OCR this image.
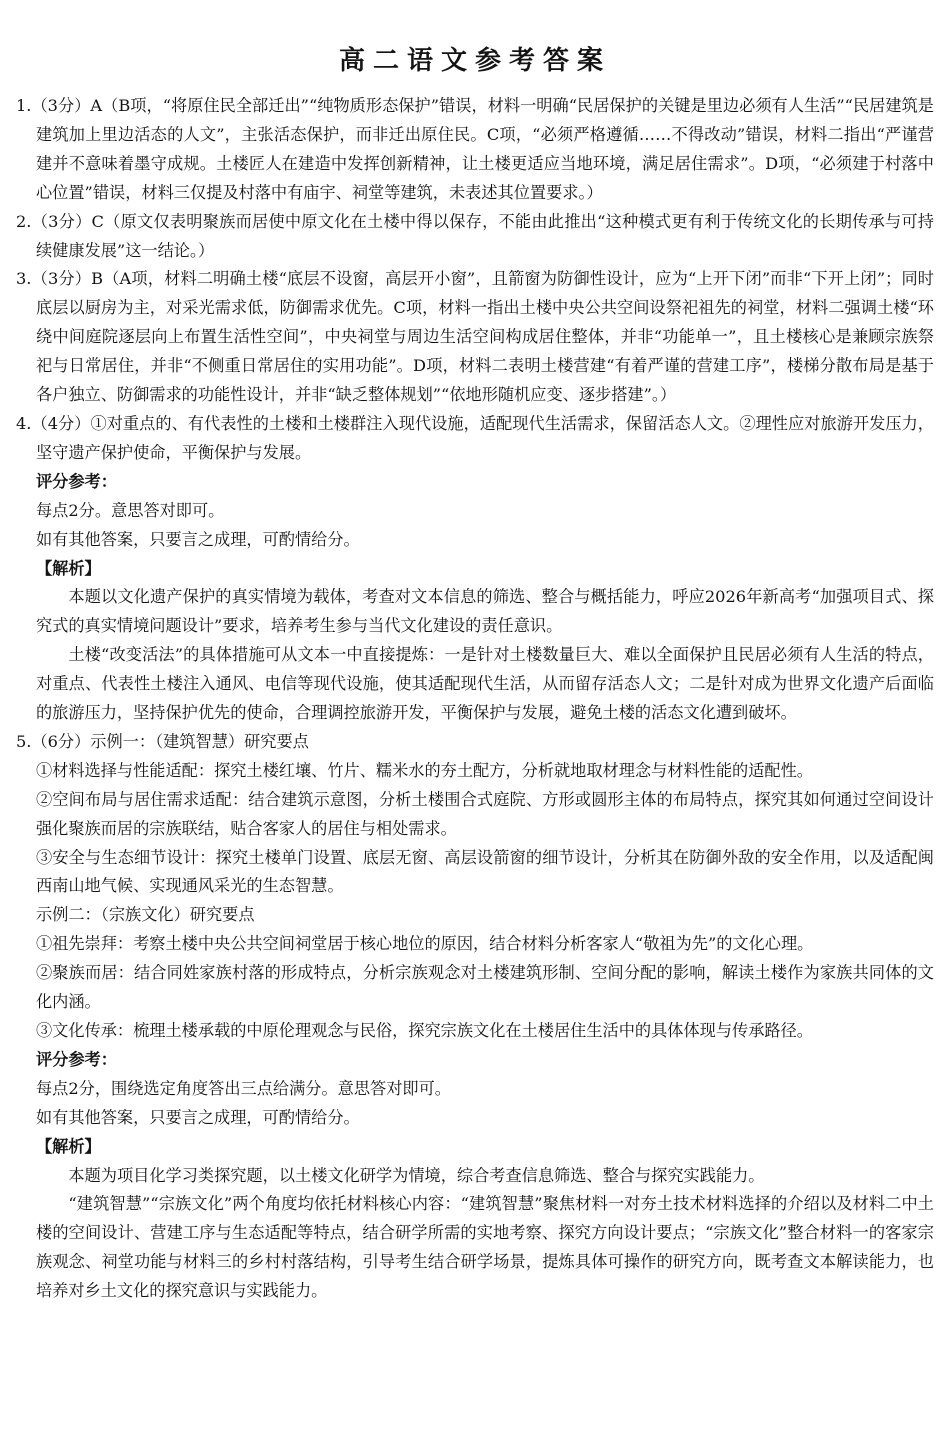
高二语文参考答案

1.（3分）A（B项，“将原住民全部迁出”“纯物质形态保护”错误，材料一明确“民居保护的关键是里边必须有人生活”“民居建筑是建筑加上里边活态的人文”，主张活态保护，而非迁出原住民。C项，“必须严格遵循……不得改动”错误，材料二指出“严谨营建并不意味着墨守成规。土楼匠人在建造中发挥创新精神，让土楼更适应当地环境，满足居住需求”。D项，“必须建于村落中心位置”错误，材料三仅提及村落中有庙宇、祠堂等建筑，未表述其位置要求。）

2.（3分）C（原文仅表明聚族而居使中原文化在土楼中得以保存，不能由此推出“这种模式更有利于传统文化的长期传承与可持续健康发展”这一结论。）

3.（3分）B（A项，材料二明确土楼“底层不设窗，高层开小窗”，且箭窗为防御性设计，应为“上开下闭”而非“下开上闭”；同时底层以厨房为主，对采光需求低，防御需求优先。C项，材料一指出土楼中央公共空间设祭祀祖先的祠堂，材料二强调土楼“环绕中间庭院逐层向上布置生活性空间”，中央祠堂与周边生活空间构成居住整体，并非“功能单一”，且土楼核心是兼顾宗族祭祀与日常居住，并非“不侧重日常居住的实用功能”。D项，材料二表明土楼营建“有着严谨的营建工序”，楼梯分散布局是基于各户独立、防御需求的功能性设计，并非“缺乏整体规划”“依地形随机应变、逐步搭建”。）

4.（4分）①对重点的、有代表性的土楼和土楼群注入现代设施，适配现代生活需求，保留活态人文。②理性应对旅游开发压力，坚守遗产保护使命，平衡保护与发展。

评分参考：

每点2分。意思答对即可。

如有其他答案，只要言之成理，可酌情给分。

【解析】

本题以文化遗产保护的真实情境为载体，考查对文本信息的筛选、整合与概括能力，呼应2026年新高考“加强项目式、探究式的真实情境问题设计”要求，培养考生参与当代文化建设的责任意识。

土楼“改变活法”的具体措施可从文本一中直接提炼：一是针对土楼数量巨大、难以全面保护且民居必须有人生活的特点，对重点、代表性土楼注入通风、电信等现代设施，使其适配现代生活，从而留存活态人文；二是针对成为世界文化遗产后面临的旅游压力，坚持保护优先的使命，合理调控旅游开发，平衡保护与发展，避免土楼的活态文化遭到破坏。

5.（6分）示例一：（建筑智慧）研究要点

①材料选择与性能适配：探究土楼红壤、竹片、糯米水的夯土配方，分析就地取材理念与材料性能的适配性。

②空间布局与居住需求适配：结合建筑示意图，分析土楼围合式庭院、方形或圆形主体的布局特点，探究其如何通过空间设计强化聚族而居的宗族联结，贴合客家人的居住与相处需求。

③安全与生态细节设计：探究土楼单门设置、底层无窗、高层设箭窗的细节设计，分析其在防御外敌的安全作用，以及适配闽西南山地气候、实现通风采光的生态智慧。

示例二：（宗族文化）研究要点

①祖先崇拜：考察土楼中央公共空间祠堂居于核心地位的原因，结合材料分析客家人“敬祖为先”的文化心理。

②聚族而居：结合同姓家族村落的形成特点，分析宗族观念对土楼建筑形制、空间分配的影响，解读土楼作为家族共同体的文化内涵。

③文化传承：梳理土楼承载的中原伦理观念与民俗，探究宗族文化在土楼居住生活中的具体体现与传承路径。

评分参考：

每点2分，围绕选定角度答出三点给满分。意思答对即可。

如有其他答案，只要言之成理，可酌情给分。

【解析】

本题为项目化学习类探究题，以土楼文化研学为情境，综合考查信息筛选、整合与探究实践能力。

“建筑智慧”“宗族文化”两个角度均依托材料核心内容：“建筑智慧”聚焦材料一对夯土技术材料选择的介绍以及材料二中土楼的空间设计、营建工序与生态适配等特点，结合研学所需的实地考察、探究方向设计要点；“宗族文化”整合材料一的客家宗族观念、祠堂功能与材料三的乡村村落结构，引导考生结合研学场景，提炼具体可操作的研究方向，既考查文本解读能力，也培养对乡土文化的探究意识与实践能力。
